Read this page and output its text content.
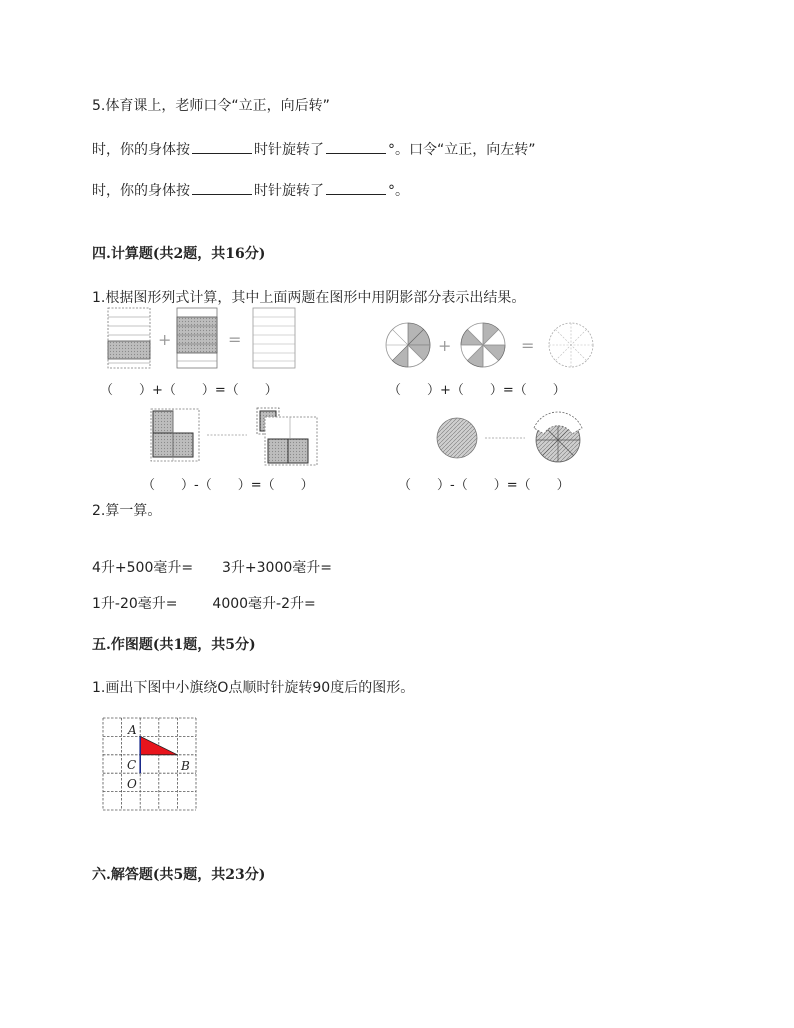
5.体育课上，老师口令“立正，向后转”
时，你的身体按	时针旋转了	°。口令“立正，向左转”
时，你的身体按	时针旋转了	°。
四.计算题(共2题，共16分)
1.根据图形列式计算，其中上面两题在图形中用阴影部分表示出结果。
+	=
（　　）+（　　）=（　　）
+	=
（　　）+（　　）=（　　）
（　　）-（　　）=（　　）	（　　）-（　　）=（　　）
2.算一算。
4升+500毫升= 3升+3000毫升=
1升-20毫升= 4000毫升-2升=
五.作图题(共1题，共5分)
1.画出下图中小旗绕O点顺时针旋转90度后的图形。
A
B
C
O
六.解答题(共5题，共23分)
